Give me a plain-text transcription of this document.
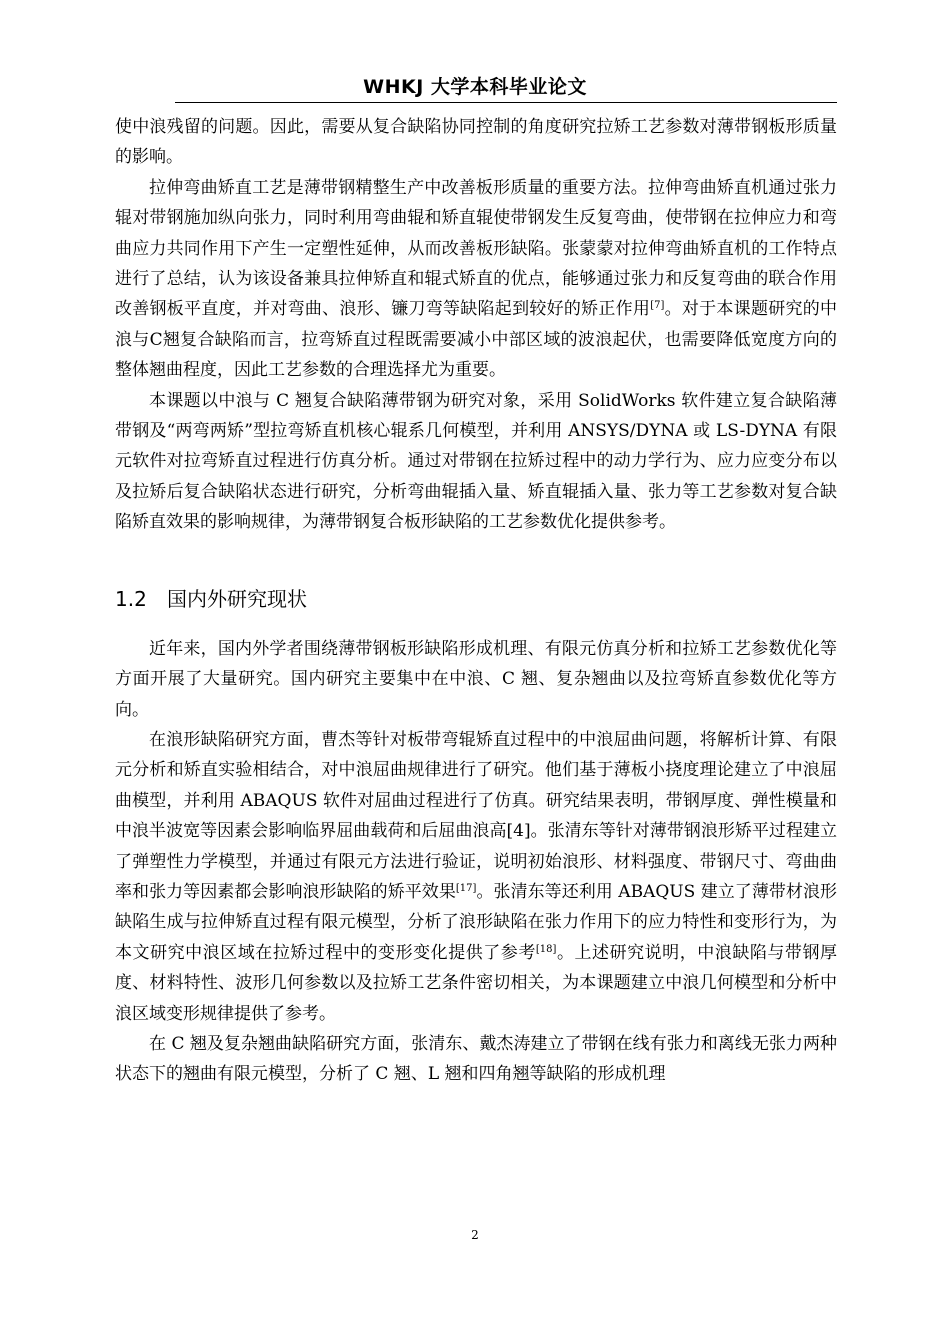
WHKJ 大学本科毕业论文

使中浪残留的问题。因此，需要从复合缺陷协同控制的角度研究拉矫工艺参数对薄带钢板形质量的影响。

拉伸弯曲矫直工艺是薄带钢精整生产中改善板形质量的重要方法。拉伸弯曲矫直机通过张力辊对带钢施加纵向张力，同时利用弯曲辊和矫直辊使带钢发生反复弯曲，使带钢在拉伸应力和弯曲应力共同作用下产生一定塑性延伸，从而改善板形缺陷。张蒙蒙对拉伸弯曲矫直机的工作特点进行了总结，认为该设备兼具拉伸矫直和辊式矫直的优点，能够通过张力和反复弯曲的联合作用改善钢板平直度，并对弯曲、浪形、镰刀弯等缺陷起到较好的矫正作用[7]。对于本课题研究的中浪与C翘复合缺陷而言，拉弯矫直过程既需要减小中部区域的波浪起伏，也需要降低宽度方向的整体翘曲程度，因此工艺参数的合理选择尤为重要。

本课题以中浪与 C 翘复合缺陷薄带钢为研究对象，采用 SolidWorks 软件建立复合缺陷薄带钢及“两弯两矫”型拉弯矫直机核心辊系几何模型，并利用 ANSYS/DYNA 或 LS-DYNA 有限元软件对拉弯矫直过程进行仿真分析。通过对带钢在拉矫过程中的动力学行为、应力应变分布以及拉矫后复合缺陷状态进行研究，分析弯曲辊插入量、矫直辊插入量、张力等工艺参数对复合缺陷矫直效果的影响规律，为薄带钢复合板形缺陷的工艺参数优化提供参考。

1.2 国内外研究现状

近年来，国内外学者围绕薄带钢板形缺陷形成机理、有限元仿真分析和拉矫工艺参数优化等方面开展了大量研究。国内研究主要集中在中浪、C 翘、复杂翘曲以及拉弯矫直参数优化等方向。

在浪形缺陷研究方面，曹杰等针对板带弯辊矫直过程中的中浪屈曲问题，将解析计算、有限元分析和矫直实验相结合，对中浪屈曲规律进行了研究。他们基于薄板小挠度理论建立了中浪屈曲模型，并利用 ABAQUS 软件对屈曲过程进行了仿真。研究结果表明，带钢厚度、弹性模量和中浪半波宽等因素会影响临界屈曲载荷和后屈曲浪高[4]。张清东等针对薄带钢浪形矫平过程建立了弹塑性力学模型，并通过有限元方法进行验证，说明初始浪形、材料强度、带钢尺寸、弯曲曲率和张力等因素都会影响浪形缺陷的矫平效果[17]。张清东等还利用 ABAQUS 建立了薄带材浪形缺陷生成与拉伸矫直过程有限元模型，分析了浪形缺陷在张力作用下的应力特性和变形行为，为本文研究中浪区域在拉矫过程中的变形变化提供了参考[18]。上述研究说明，中浪缺陷与带钢厚度、材料特性、波形几何参数以及拉矫工艺条件密切相关，为本课题建立中浪几何模型和分析中浪区域变形规律提供了参考。

在 C 翘及复杂翘曲缺陷研究方面，张清东、戴杰涛建立了带钢在线有张力和离线无张力两种状态下的翘曲有限元模型，分析了 C 翘、L 翘和四角翘等缺陷的形成机理

2
